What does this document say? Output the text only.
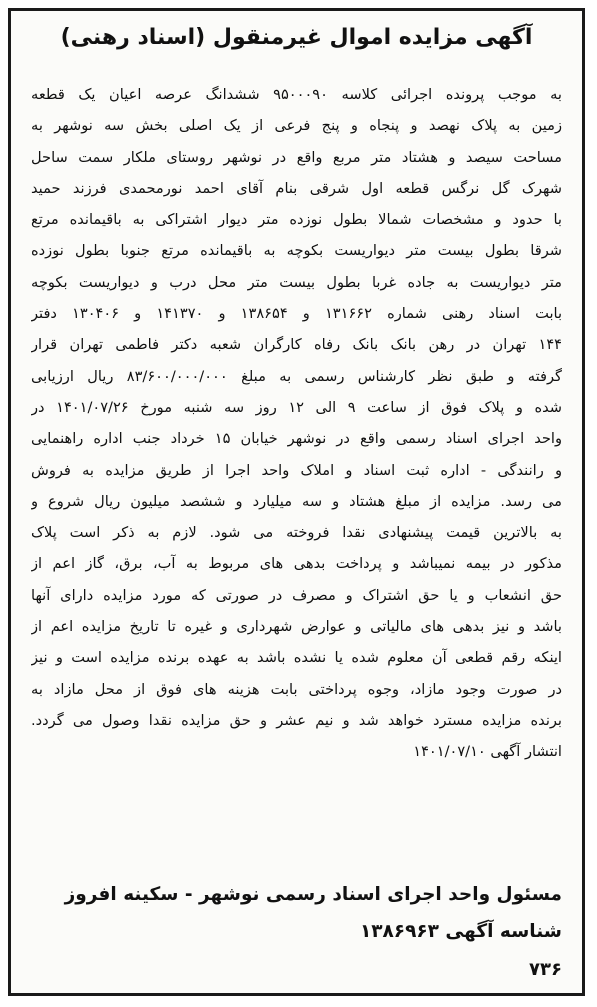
آگهی مزایده اموال غیرمنقول (اسناد رهنی)
به موجب پرونده اجرائی کلاسه ۹۵۰۰۰۹۰ ششدانگ عرصه اعیان یک قطعه
زمین به پلاک نهصد و پنجاه و پنج فرعی از یک اصلی بخش سه نوشهر به
مساحت سیصد و هشتاد متر مربع واقع در نوشهر روستای ملکار سمت ساحل
شهرک گل نرگس قطعه اول شرقی بنام آقای احمد نورمحمدی فرزند حمید
با حدود و مشخصات شمالا بطول نوزده متر دیوار اشتراکی به باقیمانده مرتع
شرقا بطول بیست متر دیواریست بکوچه به باقیمانده مرتع جنوبا بطول نوزده
متر دیواریست به جاده غربا بطول بیست متر محل درب و دیواریست بکوچه
بابت اسناد رهنی شماره ۱۳۱۶۶۲ و ۱۳۸۶۵۴ و ۱۴۱۳۷۰ و ۱۳۰۴۰۶ دفتر
۱۴۴ تهران در رهن بانک بانک رفاه کارگران شعبه دکتر فاطمی تهران قرار
گرفته و طبق نظر کارشناس رسمی به مبلغ ۸۳/۶۰۰/۰۰۰/۰۰۰ ریال ارزیابی
شده و پلاک فوق از ساعت ۹ الی ۱۲ روز سه شنبه مورخ ۱۴۰۱/۰۷/۲۶ در
واحد اجرای اسناد رسمی واقع در نوشهر خیابان ۱۵ خرداد جنب اداره راهنمایی
و رانندگی - اداره ثبت اسناد و املاک واحد اجرا از طریق مزایده به فروش
می رسد. مزایده از مبلغ هشتاد و سه میلیارد و ششصد میلیون ریال شروع و
به بالاترین قیمت پیشنهادی نقدا فروخته می شود. لازم به ذکر است پلاک
مذکور در بیمه نمیباشد و پرداخت بدهی های مربوط به آب، برق، گاز اعم از
حق انشعاب و یا حق اشتراک و مصرف در صورتی که مورد مزایده دارای آنها
باشد و نیز بدهی های مالیاتی و عوارض شهرداری و غیره تا تاریخ مزایده اعم از
اینکه رقم قطعی آن معلوم شده یا نشده باشد به عهده برنده مزایده است و نیز
در صورت وجود مازاد، وجوه پرداختی بابت هزینه های فوق از محل مازاد به
برنده مزایده مسترد خواهد شد و نیم عشر و حق مزایده نقدا وصول می گردد.
انتشار آگهی ۱۴۰۱/۰۷/۱۰
مسئول واحد اجرای اسناد رسمی نوشهر - سکینه افروز
شناسه آگهی ۱۳۸۶۹۶۳
۷۳۶
